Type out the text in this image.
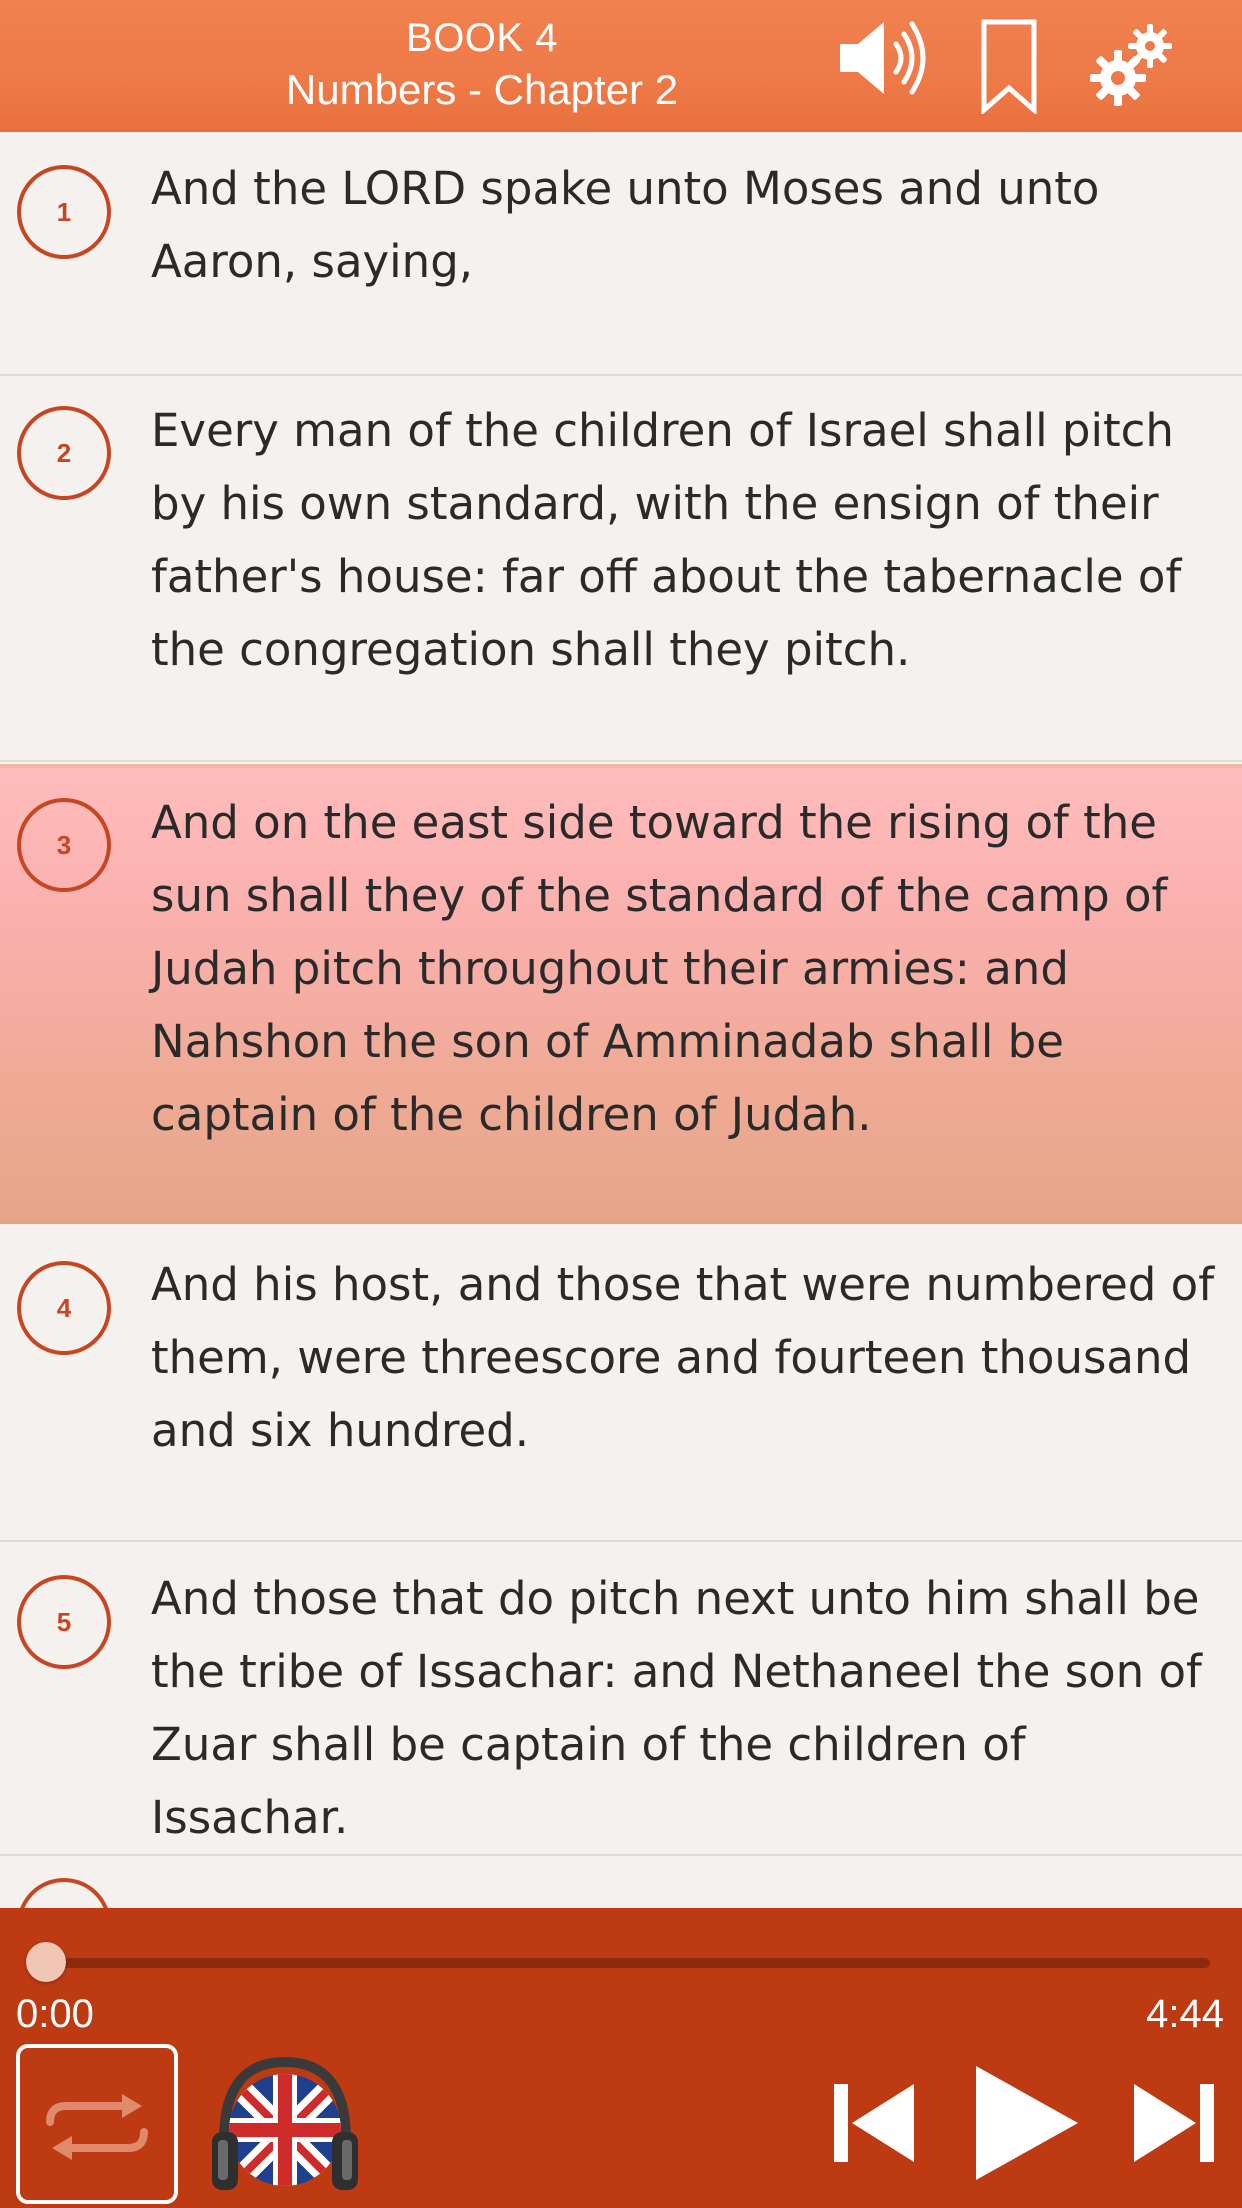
BOOK 4
Numbers - Chapter 2
1	And the LORD spake unto Moses and unto Aaron, saying,
2	Every man of the children of Israel shall pitch by his own standard, with the ensign of their father's house: far off about the tabernacle of the congregation shall they pitch.
3	And on the east side toward the rising of the sun shall they of the standard of the camp of Judah pitch throughout their armies: and Nahshon the son of Amminadab shall be captain of the children of Judah.
4	And his host, and those that were numbered of them, were threescore and fourteen thousand and six hundred.
5	And those that do pitch next unto him shall be the tribe of Issachar: and Nethaneel the son of Zuar shall be captain of the children of Issachar.
0:00	4:44
